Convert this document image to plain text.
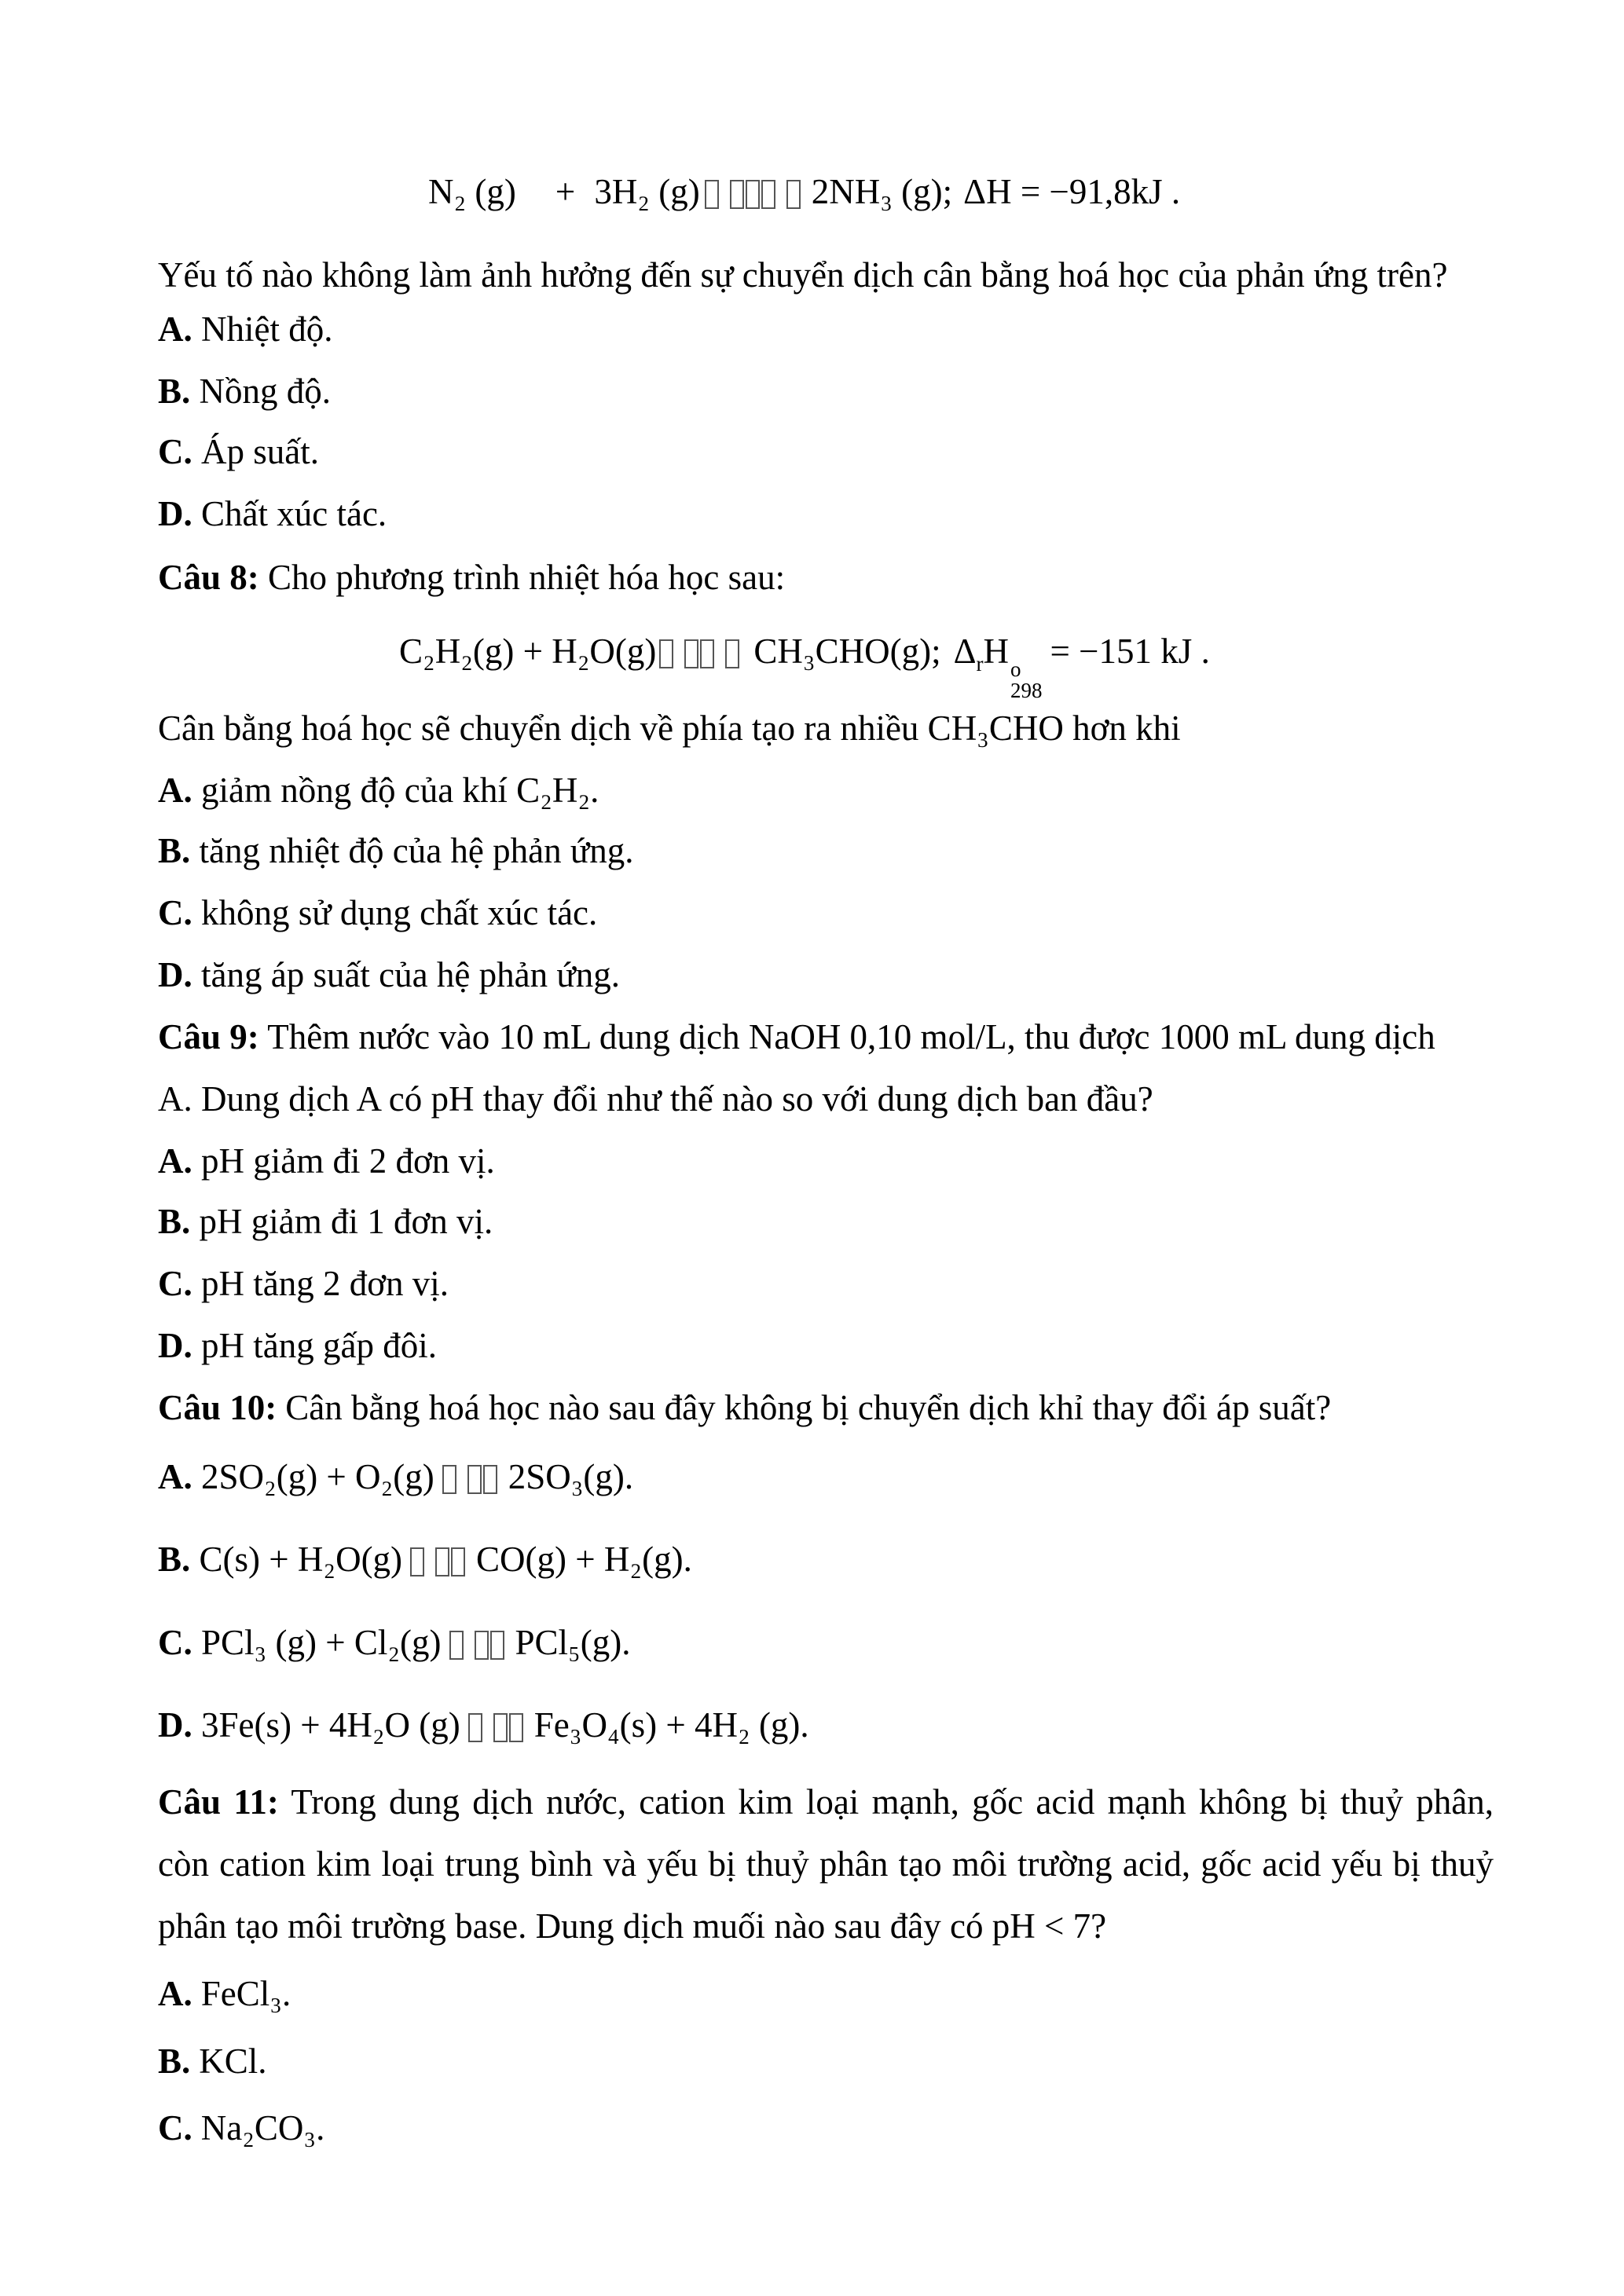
N₂ (g) + 3H₂ (g)	2NH₃ (g); ΔH = −91,8kJ .
Yếu tố nào không làm ảnh hưởng đến sự chuyển dịch cân bằng hoá học của phản ứng trên?
A. Nhiệt độ.
B. Nồng độ.
C. Áp suất.
D. Chất xúc tác.
Câu 8: Cho phương trình nhiệt hóa học sau:
C₂H₂(g) + H₂O(g)	CH₃CHO(g); $\Delta_rH$ o
298
= −151 kJ .
Cân bằng hoá học sẽ chuyển dịch về phía tạo ra nhiều CH₃CHO hơn khi
A. giảm nồng độ của khí C₂H₂.
B. tăng nhiệt độ của hệ phản ứng.
C. không sử dụng chất xúc tác.
D. tăng áp suất của hệ phản ứng.
Câu 9: Thêm nước vào 10 mL dung dịch NaOH 0,10 mol/L, thu được 1000 mL dung dịch
A. Dung dịch A có pH thay đổi như thế nào so với dung dịch ban đầu?
A. pH giảm đi 2 đơn vị.
B. pH giảm đi 1 đơn vị.
C. pH tăng 2 đơn vị.
D. pH tăng gấp đôi.
Câu 10: Cân bằng hoá học nào sau đây không bị chuyển dịch khỉ thay đổi áp suất?
A. 2SO₂(g) + O₂(g) 2SO₃(g).
B. C(s) + H₂O(g) CO(g) + H₂(g).
C. PCl₃ (g) + Cl₂(g) PCl₅(g).
D. 3Fe(s) + 4H₂O (g) Fe₃O₄(s) + 4H₂ (g).
Câu 11: Trong dung dịch nước, cation kim loại mạnh, gốc acid mạnh không bị thuỷ phân,
còn cation kim loại trung bình và yếu bị thuỷ phân tạo môi trường acid, gốc acid yếu bị thuỷ
phân tạo môi trường base. Dung dịch muối nào sau đây có pH < 7?
A. FeCl₃.
B. KCl.
C. Na₂CO₃.
